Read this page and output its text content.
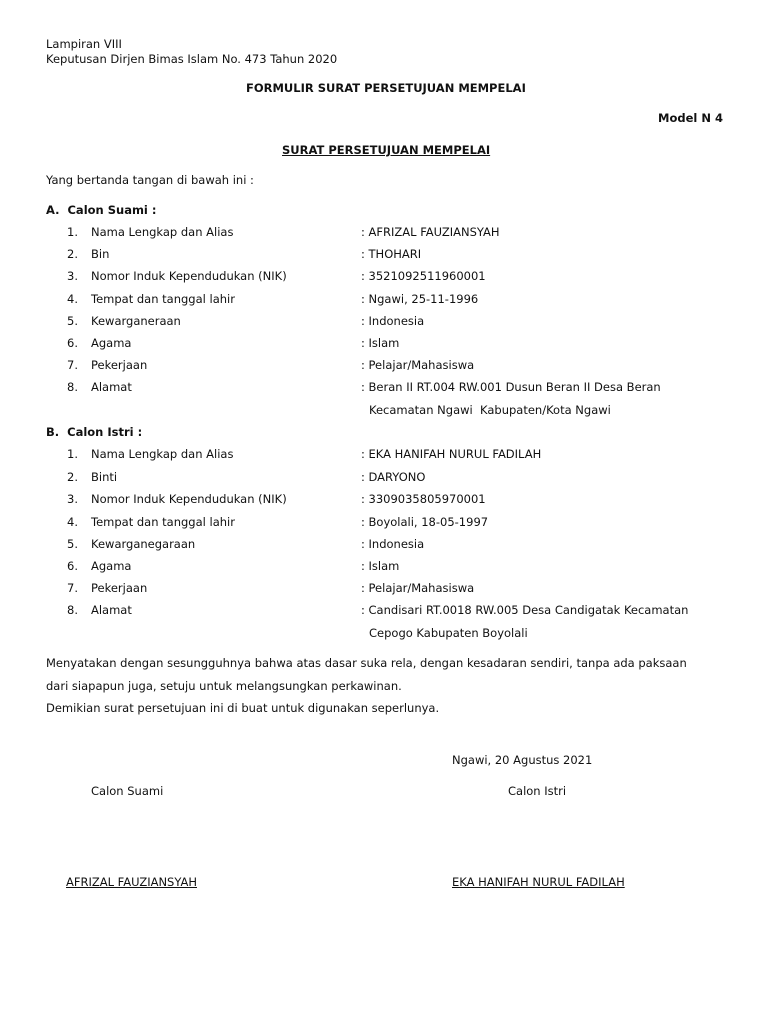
Lampiran VIII
Keputusan Dirjen Bimas Islam No. 473 Tahun 2020
FORMULIR SURAT PERSETUJUAN MEMPELAI
Model N 4
SURAT PERSETUJUAN MEMPELAI
Yang bertanda tangan di bawah ini :
A.  Calon Suami :
1. Nama Lengkap dan Alias	: AFRIZAL FAUZIANSYAH
2. Bin	: THOHARI
3. Nomor Induk Kependudukan (NIK)	: 3521092511960001
4. Tempat dan tanggal lahir	: Ngawi, 25-11-1996
5. Kewarganeraan	: Indonesia
6. Agama	: Islam
7. Pekerjaan	: Pelajar/Mahasiswa
8. Alamat	: Beran II RT.004 RW.001 Dusun Beran II Desa Beran
Kecamatan Ngawi  Kabupaten/Kota Ngawi
B.  Calon Istri :
1. Nama Lengkap dan Alias	: EKA HANIFAH NURUL FADILAH
2. Binti	: DARYONO
3. Nomor Induk Kependudukan (NIK)	: 3309035805970001
4. Tempat dan tanggal lahir	: Boyolali, 18-05-1997
5. Kewarganegaraan	: Indonesia
6. Agama	: Islam
7. Pekerjaan	: Pelajar/Mahasiswa
8. Alamat	: Candisari RT.0018 RW.005 Desa Candigatak Kecamatan
Cepogo Kabupaten Boyolali
Menyatakan dengan sesungguhnya bahwa atas dasar suka rela, dengan kesadaran sendiri, tanpa ada paksaan
dari siapapun juga, setuju untuk melangsungkan perkawinan.
Demikian surat persetujuan ini di buat untuk digunakan seperlunya.
Ngawi, 20 Agustus 2021
Calon Suami	Calon Istri
AFRIZAL FAUZIANSYAH	EKA HANIFAH NURUL FADILAH
